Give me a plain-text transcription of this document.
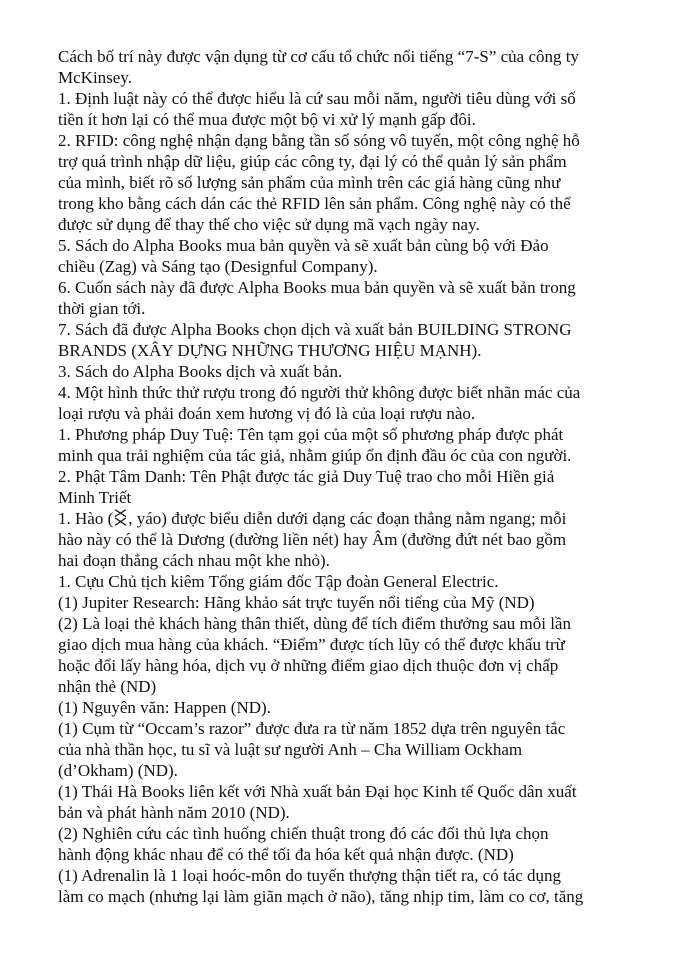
Cách bố trí này được vận dụng từ cơ cấu tổ chức nổi tiếng “7-S” của công ty
McKinsey.
1. Định luật này có thể được hiểu là cứ sau mỗi năm, người tiêu dùng với số
tiền ít hơn lại có thể mua được một bộ vi xử lý mạnh gấp đôi.
2. RFID: công nghệ nhận dạng bằng tần số sóng vô tuyến, một công nghệ hỗ
trợ quá trình nhập dữ liệu, giúp các công ty, đại lý có thể quản lý sản phẩm
của mình, biết rõ số lượng sản phẩm của mình trên các giá hàng cũng như
trong kho bằng cách dán các thẻ RFID lên sản phẩm. Công nghệ này có thể
được sử dụng để thay thế cho việc sử dụng mã vạch ngày nay.
5. Sách do Alpha Books mua bản quyền và sẽ xuất bản cùng bộ với Đảo
chiều (Zag) và Sáng tạo (Designful Company).
6. Cuốn sách này đã được Alpha Books mua bản quyền và sẽ xuất bản trong
thời gian tới.
7. Sách đã được Alpha Books chọn dịch và xuất bản BUILDING STRONG
BRANDS (XÂY DỰNG NHỮNG THƯƠNG HIỆU MẠNH).
3. Sách do Alpha Books dịch và xuất bản.
4. Một hình thức thử rượu trong đó người thử không được biết nhãn mác của
loại rượu và phải đoán xem hương vị đó là của loại rượu nào.
1. Phương pháp Duy Tuệ: Tên tạm gọi của một số phương pháp được phát
minh qua trải nghiệm của tác giả, nhằm giúp ổn định đầu óc của con người.
2. Phật Tâm Danh: Tên Phật được tác giả Duy Tuệ trao cho mỗi Hiền giả
Minh Triết
1. Hào ( , yáo) được biểu diễn dưới dạng các đoạn thẳng nằm ngang; mỗi
hào này có thể là Dương (đường liền nét) hay Âm (đường đứt nét bao gồm
hai đoạn thẳng cách nhau một khe nhỏ).
1. Cựu Chủ tịch kiêm Tổng giám đốc Tập đoàn General Electric.
(1) Jupiter Research: Hãng khảo sát trực tuyến nổi tiếng của Mỹ (ND)
(2) Là loại thẻ khách hàng thân thiết, dùng để tích điểm thưởng sau mỗi lần
giao dịch mua hàng của khách. “Điểm” được tích lũy có thể được khấu trừ
hoặc đổi lấy hàng hóa, dịch vụ ở những điểm giao dịch thuộc đơn vị chấp
nhận thẻ (ND)
(1) Nguyên văn: Happen (ND).
(1) Cụm từ “Occam’s razor” được đưa ra từ năm 1852 dựa trên nguyên tắc
của nhà thần học, tu sĩ và luật sư người Anh – Cha William Ockham
(d’Okham) (ND).
(1) Thái Hà Books liên kết với Nhà xuất bản Đại học Kinh tế Quốc dân xuất
bản và phát hành năm 2010 (ND).
(2) Nghiên cứu các tình huống chiến thuật trong đó các đối thủ lựa chọn
hành động khác nhau để có thể tối đa hóa kết quả nhận được. (ND)
(1) Adrenalin là 1 loại hoóc-môn do tuyến thượng thận tiết ra, có tác dụng
làm co mạch (nhưng lại làm giãn mạch ở não), tăng nhịp tim, làm co cơ, tăng
